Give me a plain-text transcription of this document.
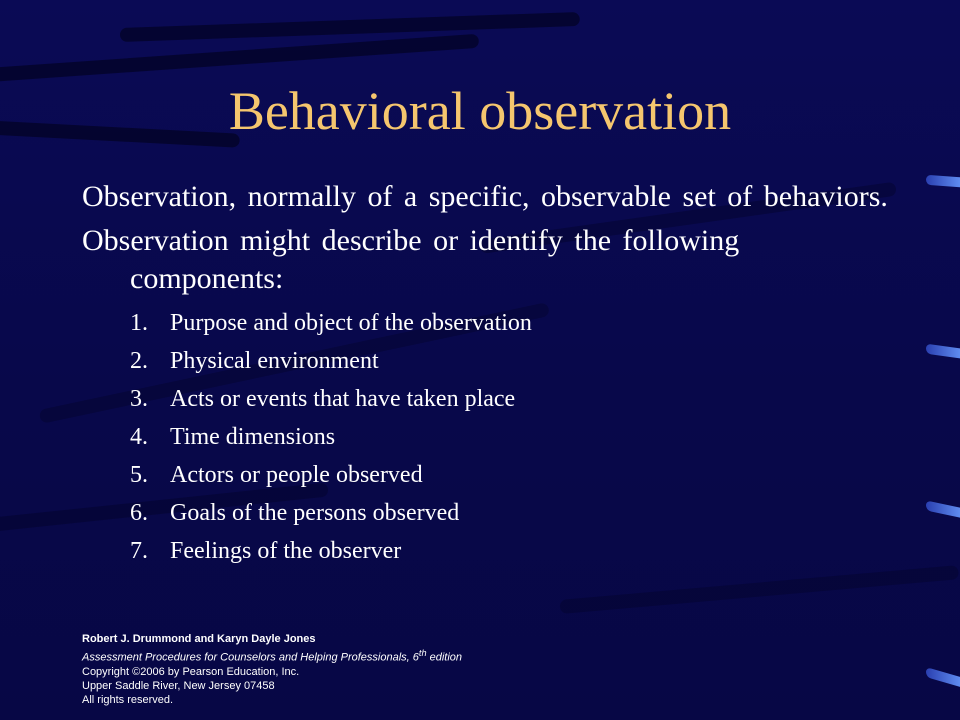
Behavioral observation

Observation, normally of a specific, observable set of behaviors.

Observation might describe or identify the following components:

1. Purpose and object of the observation
2. Physical environment
3. Acts or events that have taken place
4. Time dimensions
5. Actors or people observed
6. Goals of the persons observed
7. Feelings of the observer
Robert J. Drummond and Karyn Dayle Jones
Assessment Procedures for Counselors and Helping Professionals, 6th edition
Copyright ©2006 by Pearson Education, Inc.
Upper Saddle River, New Jersey 07458
All rights reserved.
